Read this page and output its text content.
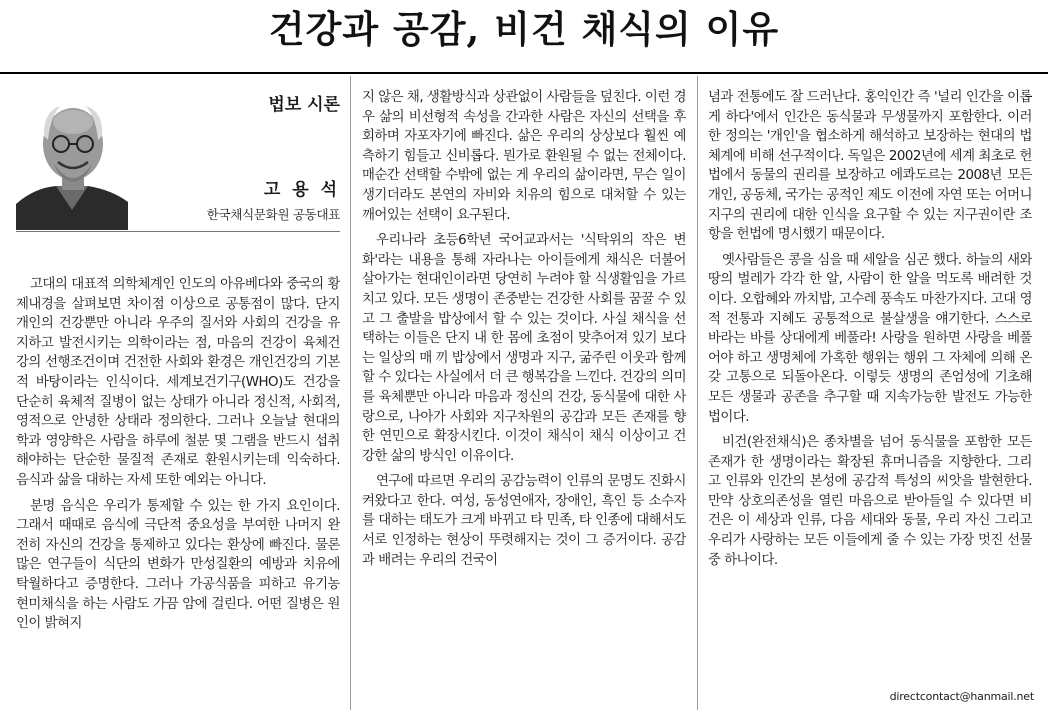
건강과 공감, 비건 채식의 이유
법보 시론
고 용 석
한국채식문화원 공동대표

고대의 대표적 의학체계인 인도의 아유베다와 중국의 황제내경을 살펴보면 차이점 이상으로 공통점이 많다. 단지 개인의 건강뿐만 아니라 우주의 질서와 사회의 건강을 유지하고 발전시키는 의학이라는 점, 마음의 건강이 육체건강의 선행조건이며 건전한 사회와 환경은 개인건강의 기본적 바탕이라는 인식이다. 세계보건기구(WHO)도 건강을 단순히 육체적 질병이 없는 상태가 아니라 정신적, 사회적, 영적으로 안녕한 상태라 정의한다. 그러나 오늘날 현대의학과 영양학은 사람을 하루에 철분 몇 그램을 반드시 섭취해야하는 단순한 물질적 존재로 환원시키는데 익숙하다. 음식과 삶을 대하는 자세 또한 예외는 아니다.

분명 음식은 우리가 통제할 수 있는 한 가지 요인이다. 그래서 때때로 음식에 극단적 중요성을 부여한 나머지 완전히 자신의 건강을 통제하고 있다는 환상에 빠진다. 물론 많은 연구들이 식단의 변화가 만성질환의 예방과 치유에 탁월하다고 증명한다. 그러나 가공식품을 피하고 유기농 현미채식을 하는 사람도 가끔 암에 걸린다. 어떤 질병은 원인이 밝혀지

지 않은 채, 생활방식과 상관없이 사람들을 덮친다. 이런 경우 삶의 비선형적 속성을 간과한 사람은 자신의 선택을 후회하며 자포자기에 빠진다. 삶은 우리의 상상보다 훨씬 예측하기 힘들고 신비롭다. 뭔가로 환원될 수 없는 전체이다. 매순간 선택할 수밖에 없는 게 우리의 삶이라면, 무슨 일이 생기더라도 본연의 자비와 치유의 힘으로 대처할 수 있는 깨어있는 선택이 요구된다.

우리나라 초등6학년 국어교과서는 '식탁위의 작은 변화'라는 내용을 통해 자라나는 아이들에게 채식은 더불어 살아가는 현대인이라면 당연히 누려야 할 식생활임을 가르치고 있다. 모든 생명이 존중받는 건강한 사회를 꿈꿀 수 있고 그 출발을 밥상에서 할 수 있는 것이다. 사실 채식을 선택하는 이들은 단지 내 한 몸에 초점이 맞추어져 있기 보다는 일상의 매 끼 밥상에서 생명과 지구, 굶주린 이웃과 함께 할 수 있다는 사실에서 더 큰 행복감을 느낀다. 건강의 의미를 육체뿐만 아니라 마음과 정신의 건강, 동식물에 대한 사랑으로, 나아가 사회와 지구차원의 공감과 모든 존재를 향한 연민으로 확장시킨다. 이것이 채식이 채식 이상이고 건강한 삶의 방식인 이유이다.

연구에 따르면 우리의 공감능력이 인류의 문명도 진화시켜왔다고 한다. 여성, 동성연애자, 장애인, 흑인 등 소수자를 대하는 태도가 크게 바뀌고 타 민족, 타 인종에 대해서도 서로 인정하는 현상이 뚜렷해지는 것이 그 증거이다. 공감과 배려는 우리의 건국이

념과 전통에도 잘 드러난다. 홍익인간 즉 '널리 인간을 이롭게 하다'에서 인간은 동식물과 무생물까지 포함한다. 이러한 정의는 '개인'을 협소하게 해석하고 보장하는 현대의 법체계에 비해 선구적이다. 독일은 2002년에 세계 최초로 헌법에서 동물의 권리를 보장하고 에콰도르는 2008년 모든 개인, 공동체, 국가는 공적인 제도 이전에 자연 또는 어머니 지구의 권리에 대한 인식을 요구할 수 있는 지구권이란 조항을 헌법에 명시했기 때문이다.

옛사람들은 콩을 심을 때 세알을 심곤 했다. 하늘의 새와 땅의 벌레가 각각 한 알, 사람이 한 알을 먹도록 배려한 것이다. 오합혜와 까치밥, 고수레 풍속도 마찬가지다. 고대 영적 전통과 지혜도 공통적으로 불살생을 얘기한다. 스스로 바라는 바를 상대에게 베풀라! 사랑을 원하면 사랑을 베풀어야 하고 생명체에 가혹한 행위는 행위 그 자체에 의해 온갖 고통으로 되돌아온다. 이렇듯 생명의 존엄성에 기초해 모든 생물과 공존을 추구할 때 지속가능한 발전도 가능한 법이다.

비건(완전채식)은 종차별을 넘어 동식물을 포함한 모든 존재가 한 생명이라는 확장된 휴머니즘을 지향한다. 그리고 인류와 인간의 본성에 공감적 특성의 씨앗을 발현한다. 만약 상호의존성을 열린 마음으로 받아들일 수 있다면 비건은 이 세상과 인류, 다음 세대와 동물, 우리 자신 그리고 우리가 사랑하는 모든 이들에게 줄 수 있는 가장 멋진 선물 중 하나이다.

directcontact@hanmail.net
